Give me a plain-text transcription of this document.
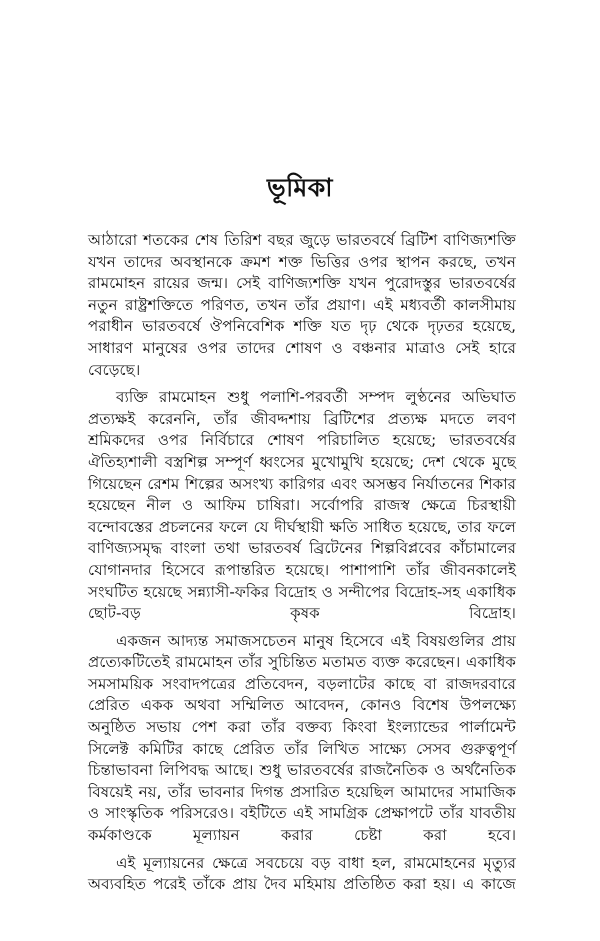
ভূমিকা

আঠারো শতকের শেষ তিরিশ বছর জুড়ে ভারতবর্ষে ব্রিটিশ বাণিজ্যশক্তি যখন তাদের অবস্থানকে ক্রমশ শক্ত ভিত্তির ওপর স্থাপন করছে, তখন রামমোহন রায়ের জন্ম। সেই বাণিজ্যশক্তি যখন পুরোদস্তুর ভারতবর্ষের নতুন রাষ্ট্রশক্তিতে পরিণত, তখন তাঁর প্রয়াণ। এই মধ্যবর্তী কালসীমায় পরাধীন ভারতবর্ষে ঔপনিবেশিক শক্তি যত দৃঢ় থেকে দৃঢ়তর হয়েছে, সাধারণ মানুষের ওপর তাদের শোষণ ও বঞ্চনার মাত্রাও সেই হারে বেড়েছে।

ব্যক্তি রামমোহন শুধু পলাশি-পরবর্তী সম্পদ লুণ্ঠনের অভিঘাত প্রত্যক্ষই করেননি, তাঁর জীবদ্দশায় ব্রিটিশের প্রত্যক্ষ মদতে লবণ শ্রমিকদের ওপর নির্বিচারে শোষণ পরিচালিত হয়েছে; ভারতবর্ষের ঐতিহ্যশালী বস্ত্রশিল্প সম্পূর্ণ ধ্বংসের মুখোমুখি হয়েছে; দেশ থেকে মুছে গিয়েছেন রেশম শিল্পের অসংখ্য কারিগর এবং অসম্ভব নির্যাতনের শিকার হয়েছেন নীল ও আফিম চাষিরা। সর্বোপরি রাজস্ব ক্ষেত্রে চিরস্থায়ী বন্দোবস্তের প্রচলনের ফলে যে দীর্ঘস্থায়ী ক্ষতি সাধিত হয়েছে, তার ফলে বাণিজ্যসমৃদ্ধ বাংলা তথা ভারতবর্ষ ব্রিটেনের শিল্পবিপ্লবের কাঁচামালের যোগানদার হিসেবে রূপান্তরিত হয়েছে। পাশাপাশি তাঁর জীবনকালেই সংঘটিত হয়েছে সন্ন্যাসী-ফকির বিদ্রোহ ও সন্দীপের বিদ্রোহ-সহ একাধিক ছোট-বড় কৃষক বিদ্রোহ।

একজন আদ্যন্ত সমাজসচেতন মানুষ হিসেবে এই বিষয়গুলির প্রায় প্রত্যেকটিতেই রামমোহন তাঁর সুচিন্তিত মতামত ব্যক্ত করেছেন। একাধিক সমসাময়িক সংবাদপত্রের প্রতিবেদন, বড়লাটের কাছে বা রাজদরবারে প্রেরিত একক অথবা সম্মিলিত আবেদন, কোনও বিশেষ উপলক্ষ্যে অনুষ্ঠিত সভায় পেশ করা তাঁর বক্তব্য কিংবা ইংল্যান্ডের পার্লামেন্ট সিলেক্ট কমিটির কাছে প্রেরিত তাঁর লিখিত সাক্ষ্যে সেসব গুরুত্বপূর্ণ চিন্তাভাবনা লিপিবদ্ধ আছে। শুধু ভারতবর্ষের রাজনৈতিক ও অর্থনৈতিক বিষয়েই নয়, তাঁর ভাবনার দিগন্ত প্রসারিত হয়েছিল আমাদের সামাজিক ও সাংস্কৃতিক পরিসরেও। বইটিতে এই সামগ্রিক প্রেক্ষাপটে তাঁর যাবতীয় কর্মকাণ্ডকে মূল্যায়ন করার চেষ্টা করা হবে।

এই মূল্যায়নের ক্ষেত্রে সবচেয়ে বড় বাধা হল, রামমোহনের মৃত্যুর অব্যবহিত পরেই তাঁকে প্রায় দৈব মহিমায় প্রতিষ্ঠিত করা হয়। এ কাজে
